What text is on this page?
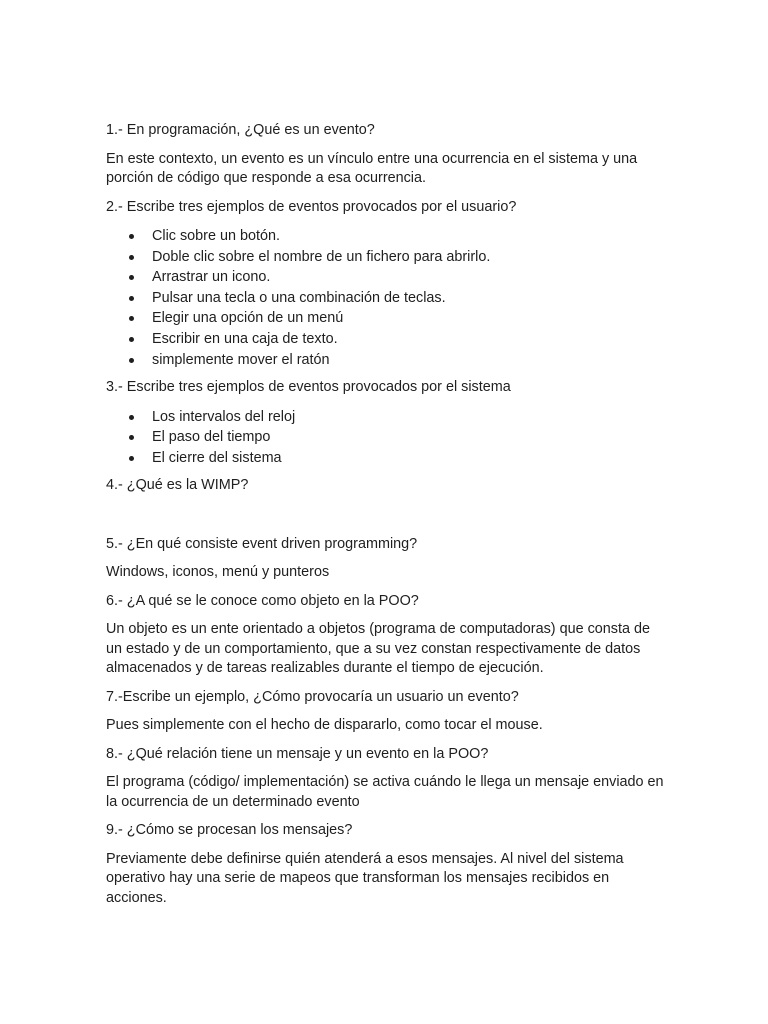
1.- En programación, ¿Qué es un evento?

En este contexto, un evento es un vínculo entre una ocurrencia en el sistema y una porción de código que responde a esa ocurrencia.

2.- Escribe tres ejemplos de eventos provocados por el usuario?

Clic sobre un botón.
Doble clic sobre el nombre de un fichero para abrirlo.
Arrastrar un icono.
Pulsar una tecla o una combinación de teclas.
Elegir una opción de un menú
Escribir en una caja de texto.
simplemente mover el ratón

3.- Escribe tres ejemplos de eventos provocados por el sistema

Los intervalos del reloj
El paso del tiempo
El cierre del sistema

4.- ¿Qué es la WIMP?

5.- ¿En qué consiste event driven programming?

Windows, iconos, menú y punteros

6.- ¿A qué se le conoce como objeto en la POO?

Un objeto es un ente orientado a objetos (programa de computadoras) que consta de un estado y de un comportamiento, que a su vez constan respectivamente de datos almacenados y de tareas realizables durante el tiempo de ejecución.

7.-Escribe un ejemplo, ¿Cómo provocaría un usuario un evento?

Pues simplemente con el hecho de dispararlo, como tocar el mouse.

8.- ¿Qué relación tiene un mensaje y un evento en la POO?

El programa (código/ implementación) se activa cuándo le llega un mensaje enviado en la ocurrencia de un determinado evento

9.- ¿Cómo se procesan los mensajes?

Previamente debe definirse quién atenderá a esos mensajes. Al nivel del sistema operativo hay una serie de mapeos que transforman los mensajes recibidos en acciones.
